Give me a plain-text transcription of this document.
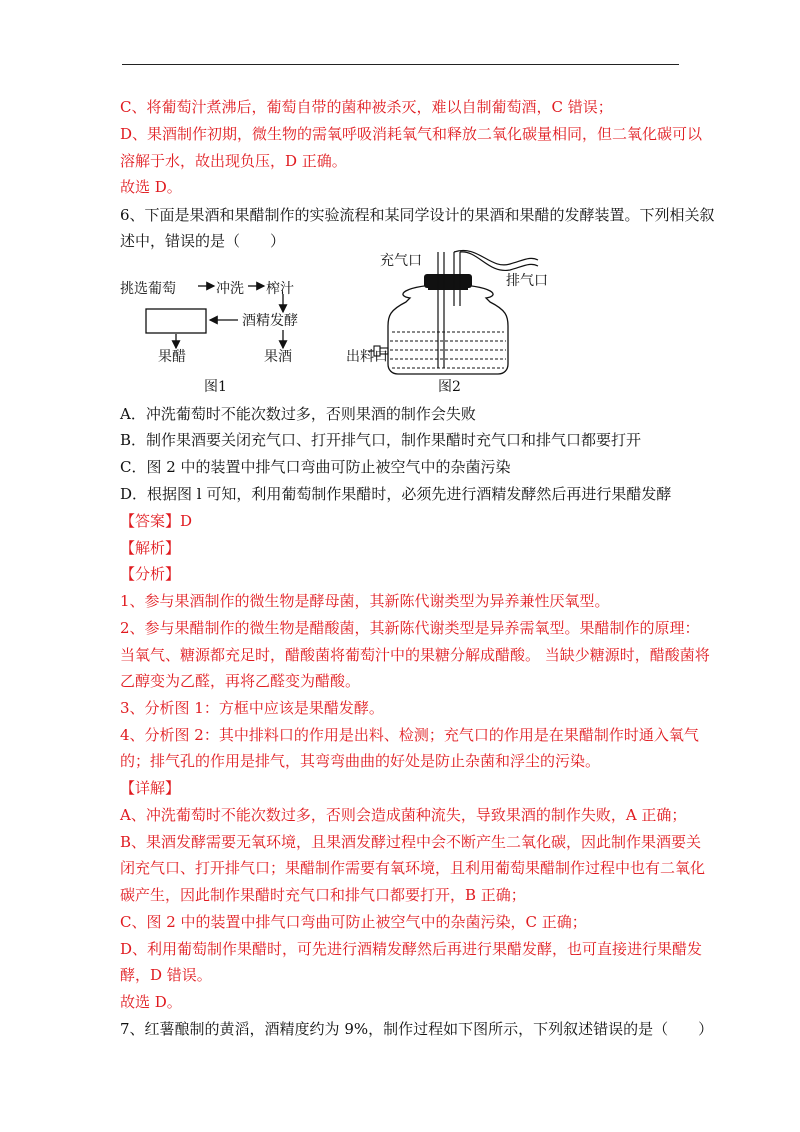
C、将葡萄汁煮沸后，葡萄自带的菌种被杀灭，难以自制葡萄酒，C 错误；
D、果酒制作初期，微生物的需氧呼吸消耗氧气和释放二氧化碳量相同，但二氧化碳可以
溶解于水，故出现负压，D 正确。
故选 D。
6、下面是果酒和果醋制作的实验流程和某同学设计的果酒和果醋的发酵装置。下列相关叙
述中，错误的是（　　）
挑选葡萄	冲洗 榨汁
酒精发酵
果醋	果酒
图1
充气口
排气口
出料口
图2
A．冲洗葡萄时不能次数过多，否则果酒的制作会失败
B．制作果酒要关闭充气口、打开排气口，制作果醋时充气口和排气口都要打开
C．图 2 中的装置中排气口弯曲可防止被空气中的杂菌污染
D．根据图 l 可知，利用葡萄制作果醋时，必须先进行酒精发酵然后再进行果醋发酵
【答案】D
【解析】
【分析】
1、参与果酒制作的微生物是酵母菌，其新陈代谢类型为异养兼性厌氧型。
2、参与果醋制作的微生物是醋酸菌，其新陈代谢类型是异养需氧型。果醋制作的原理：
当氧气、糖源都充足时，醋酸菌将葡萄汁中的果糖分解成醋酸。 当缺少糖源时，醋酸菌将
乙醇变为乙醛，再将乙醛变为醋酸。
3、分析图 1：方框中应该是果醋发酵。
4、分析图 2：其中排料口的作用是出料、检测；充气口的作用是在果醋制作时通入氧气
的；排气孔的作用是排气，其弯弯曲曲的好处是防止杂菌和浮尘的污染。
【详解】
A、冲洗葡萄时不能次数过多，否则会造成菌种流失，导致果酒的制作失败，A 正确；
B、果酒发酵需要无氧环境，且果酒发酵过程中会不断产生二氧化碳，因此制作果酒要关
闭充气口、打开排气口；果醋制作需要有氧环境，且利用葡萄果醋制作过程中也有二氧化
碳产生，因此制作果醋时充气口和排气口都要打开，B 正确；
C、图 2 中的装置中排气口弯曲可防止被空气中的杂菌污染，C 正确；
D、利用葡萄制作果醋时，可先进行酒精发酵然后再进行果醋发酵，也可直接进行果醋发
酵，D 错误。
故选 D。
7、红薯酿制的黄滔，酒精度约为 9%，制作过程如下图所示，下列叙述错误的是（　　）
